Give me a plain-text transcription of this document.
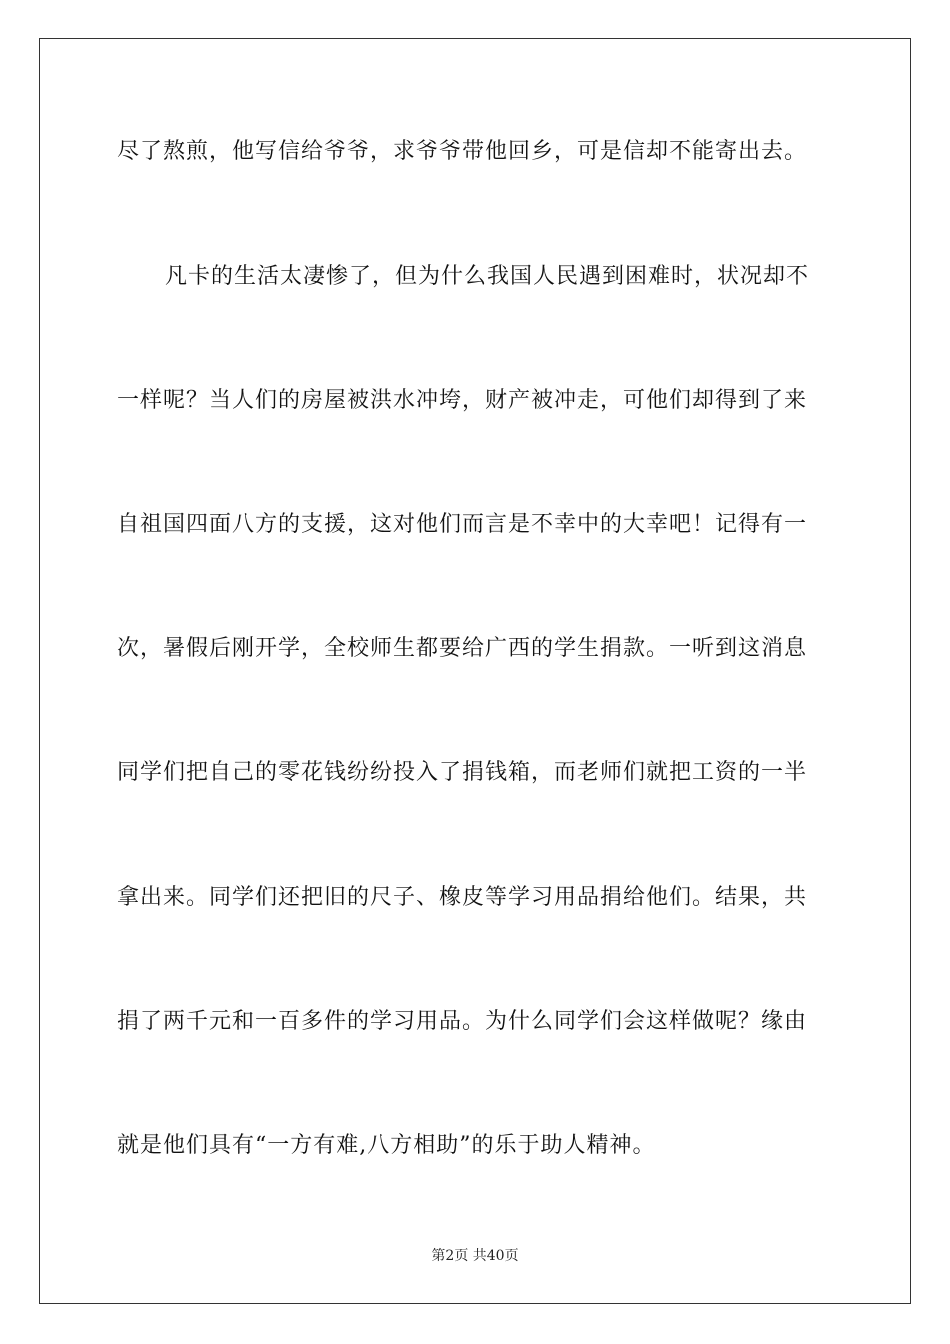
尽了熬煎，他写信给爷爷，求爷爷带他回乡，可是信却不能寄出去。
凡卡的生活太凄惨了，但为什么我国人民遇到困难时，状况却不
一样呢？当人们的房屋被洪水冲垮，财产被冲走，可他们却得到了来
自祖国四面八方的支援，这对他们而言是不幸中的大幸吧！记得有一
次，暑假后刚开学，全校师生都要给广西的学生捐款。一听到这消息
同学们把自己的零花钱纷纷投入了捐钱箱，而老师们就把工资的一半
拿出来。同学们还把旧的尺子、橡皮等学习用品捐给他们。结果，共
捐了两千元和一百多件的学习用品。为什么同学们会这样做呢？缘由
就是他们具有“一方有难,八方相助”的乐于助人精神。
第2页 共40页
